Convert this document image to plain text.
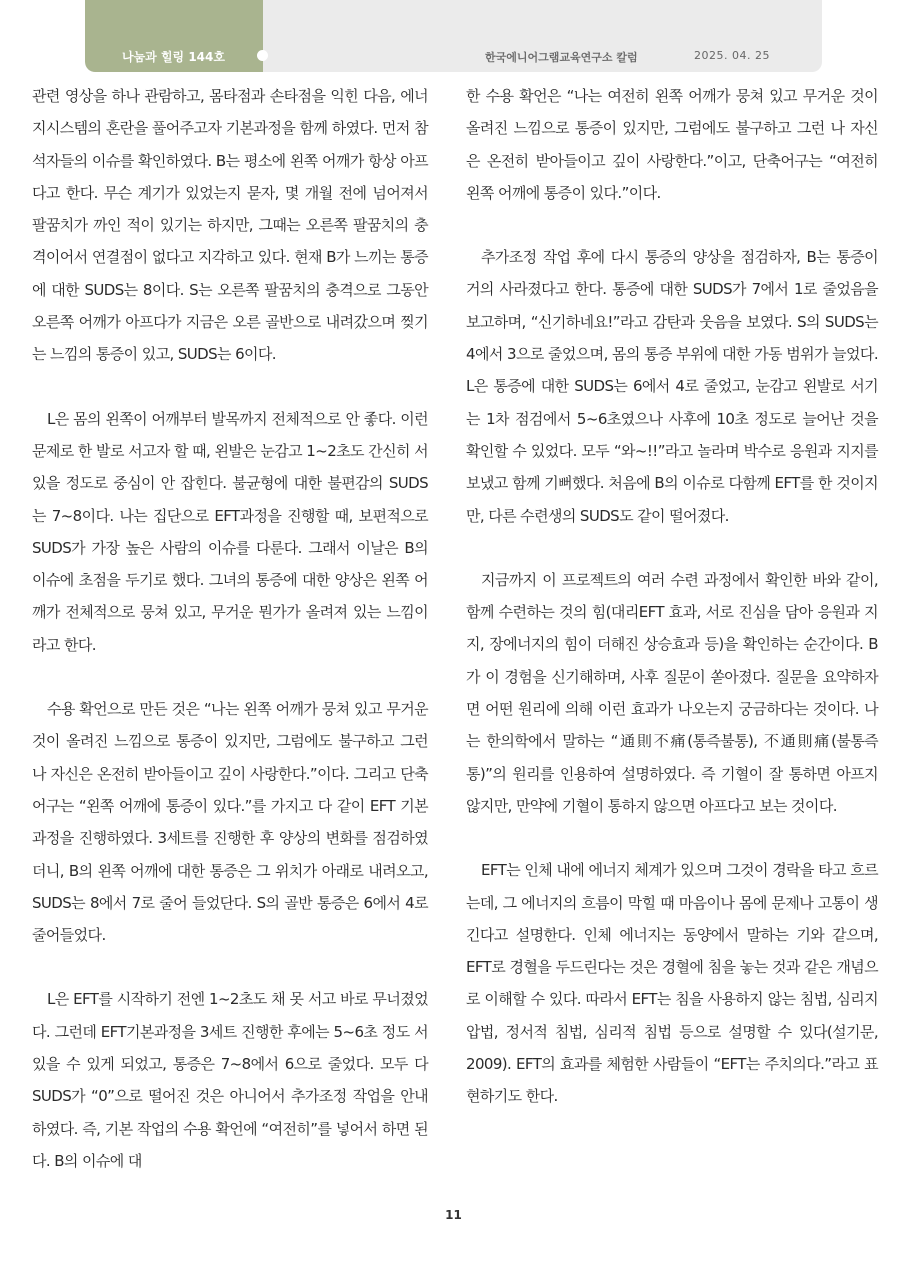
나눔과 힐링 144호	한국에니어그램교육연구소 칼럼	2025. 04. 25

관련 영상을 하나 관람하고, 몸타점과 손타점을 익힌 다음, 에너지시스템의 혼란을 풀어주고자 기본과정을 함께 하였다. 먼저 참석자들의 이슈를 확인하였다. B는 평소에 왼쪽 어깨가 항상 아프다고 한다. 무슨 계기가 있었는지 묻자, 몇 개월 전에 넘어져서 팔꿈치가 까인 적이 있기는 하지만, 그때는 오른쪽 팔꿈치의 충격이어서 연결점이 없다고 지각하고 있다. 현재 B가 느끼는 통증에 대한 SUDS는 8이다. S는 오른쪽 팔꿈치의 충격으로 그동안 오른쪽 어깨가 아프다가 지금은 오른 골반으로 내려갔으며 찢기는 느낌의 통증이 있고, SUDS는 6이다.

L은 몸의 왼쪽이 어깨부터 발목까지 전체적으로 안 좋다. 이런 문제로 한 발로 서고자 할 때, 왼발은 눈감고 1~2초도 간신히 서 있을 정도로 중심이 안 잡힌다. 불균형에 대한 불편감의 SUDS는 7~8이다. 나는 집단으로 EFT과정을 진행할 때, 보편적으로 SUDS가 가장 높은 사람의 이슈를 다룬다. 그래서 이날은 B의 이슈에 초점을 두기로 했다. 그녀의 통증에 대한 양상은 왼쪽 어깨가 전체적으로 뭉쳐 있고, 무거운 뭔가가 올려져 있는 느낌이라고 한다.

수용 확언으로 만든 것은 “나는 왼쪽 어깨가 뭉쳐 있고 무거운 것이 올려진 느낌으로 통증이 있지만, 그럼에도 불구하고 그런 나 자신은 온전히 받아들이고 깊이 사랑한다.”이다. 그리고 단축 어구는 “왼쪽 어깨에 통증이 있다.”를 가지고 다 같이 EFT 기본과정을 진행하였다. 3세트를 진행한 후 양상의 변화를 점검하였더니, B의 왼쪽 어깨에 대한 통증은 그 위치가 아래로 내려오고, SUDS는 8에서 7로 줄어 들었단다. S의 골반 통증은 6에서 4로 줄어들었다.

L은 EFT를 시작하기 전엔 1~2초도 채 못 서고 바로 무너졌었다. 그런데 EFT기본과정을 3세트 진행한 후에는 5~6초 정도 서 있을 수 있게 되었고, 통증은 7~8에서 6으로 줄었다. 모두 다 SUDS가 “0”으로 떨어진 것은 아니어서 추가조정 작업을 안내하였다. 즉, 기본 작업의 수용 확언에 “여전히”를 넣어서 하면 된다. B의 이슈에 대

한 수용 확언은 “나는 여전히 왼쪽 어깨가 뭉쳐 있고 무거운 것이 올려진 느낌으로 통증이 있지만, 그럼에도 불구하고 그런 나 자신은 온전히 받아들이고 깊이 사랑한다.”이고, 단축어구는 “여전히 왼쪽 어깨에 통증이 있다.”이다.

추가조정 작업 후에 다시 통증의 양상을 점검하자, B는 통증이 거의 사라졌다고 한다. 통증에 대한 SUDS가 7에서 1로 줄었음을 보고하며, “신기하네요!”라고 감탄과 웃음을 보였다. S의 SUDS는 4에서 3으로 줄었으며, 몸의 통증 부위에 대한 가동 범위가 늘었다. L은 통증에 대한 SUDS는 6에서 4로 줄었고, 눈감고 왼발로 서기는 1차 점검에서 5~6초였으나 사후에 10초 정도로 늘어난 것을 확인할 수 있었다. 모두 “와~!!”라고 놀라며 박수로 응원과 지지를 보냈고 함께 기뻐했다. 처음에 B의 이슈로 다함께 EFT를 한 것이지만, 다른 수련생의 SUDS도 같이 떨어졌다.

지금까지 이 프로젝트의 여러 수련 과정에서 확인한 바와 같이, 함께 수련하는 것의 힘(대리EFT 효과, 서로 진심을 담아 응원과 지지, 장에너지의 힘이 더해진 상승효과 등)을 확인하는 순간이다. B가 이 경험을 신기해하며, 사후 질문이 쏟아졌다. 질문을 요약하자면 어떤 원리에 의해 이런 효과가 나오는지 궁금하다는 것이다. 나는 한의학에서 말하는 “通則不痛(통즉불통), 不通則痛(불통즉통)”의 원리를 인용하여 설명하였다. 즉 기혈이 잘 통하면 아프지 않지만, 만약에 기혈이 통하지 않으면 아프다고 보는 것이다.

EFT는 인체 내에 에너지 체계가 있으며 그것이 경락을 타고 흐르는데, 그 에너지의 흐름이 막힐 때 마음이나 몸에 문제나 고통이 생긴다고 설명한다. 인체 에너지는 동양에서 말하는 기와 같으며, EFT로 경혈을 두드린다는 것은 경혈에 침을 놓는 것과 같은 개념으로 이해할 수 있다. 따라서 EFT는 침을 사용하지 않는 침법, 심리지압법, 정서적 침법, 심리적 침법 등으로 설명할 수 있다(설기문, 2009). EFT의 효과를 체험한 사람들이 “EFT는 주치의다.”라고 표현하기도 한다.

11
